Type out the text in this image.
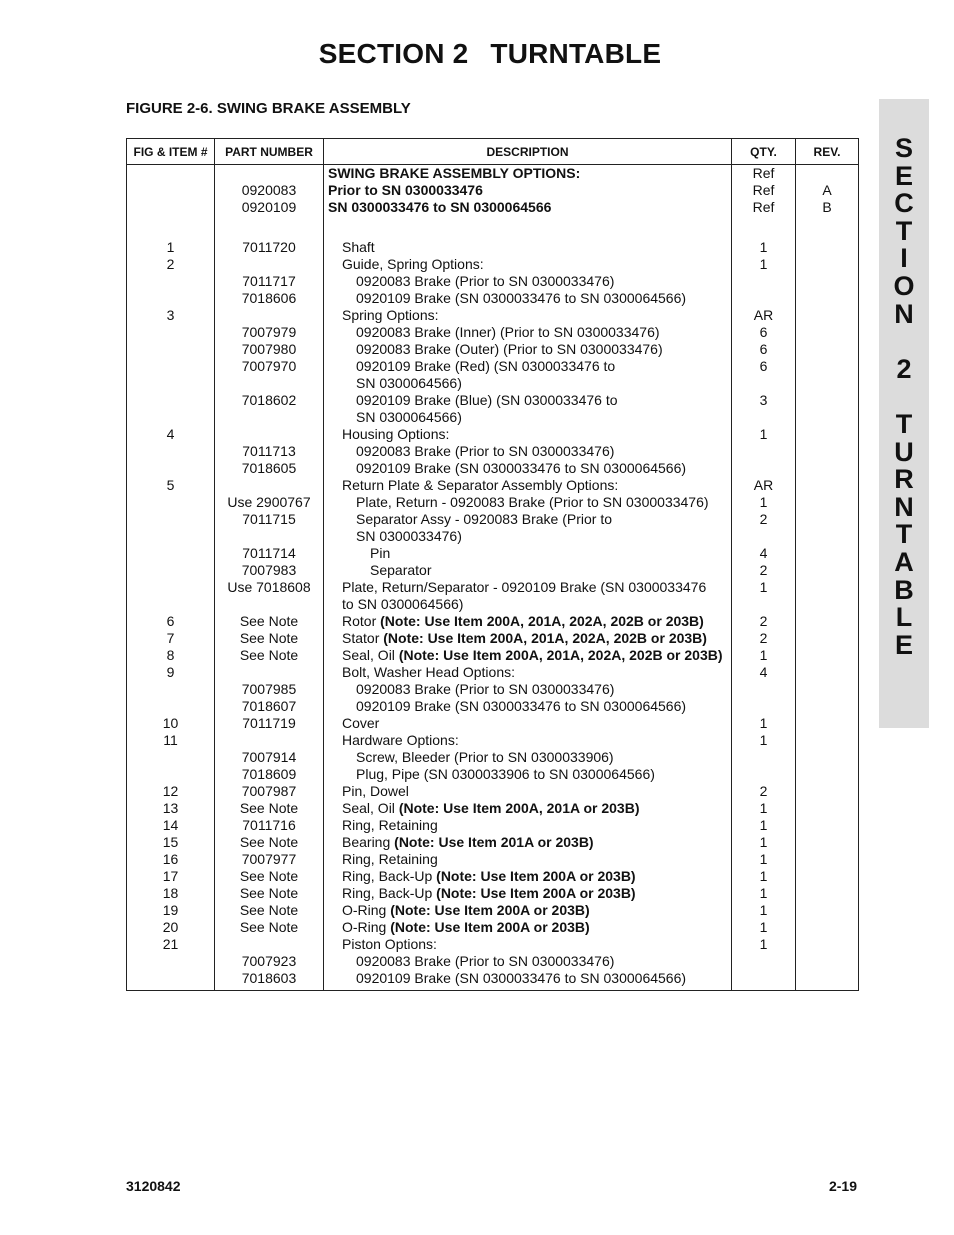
SECTION 2 TURNTABLE
FIGURE 2-6. SWING BRAKE ASSEMBLY
S
E
C
T
I
O
N
2
T
U
R
N
T
A
B
L
E
FIG & ITEM #	PART NUMBER	DESCRIPTION	QTY.	REV.
		SWING BRAKE ASSEMBLY OPTIONS:	Ref	
	0920083	Prior to SN 0300033476	Ref	A
	0920109	SN 0300033476 to SN 0300064566	Ref	B
1	7011720	Shaft	1	
2		Guide, Spring Options:	1	
	7011717	0920083 Brake (Prior to SN 0300033476)		
	7018606	0920109 Brake (SN 0300033476 to SN 0300064566)		
3		Spring Options:	AR	
	7007979	0920083 Brake (Inner) (Prior to SN 0300033476)	6	
	7007980	0920083 Brake (Outer) (Prior to SN 0300033476)	6	
	7007970	0920109 Brake (Red) (SN 0300033476 to
SN 0300064566)	6	
	7018602	0920109 Brake (Blue) (SN 0300033476 to
SN 0300064566)	3	
4		Housing Options:	1	
	7011713	0920083 Brake (Prior to SN 0300033476)		
	7018605	0920109 Brake (SN 0300033476 to SN 0300064566)		
5		Return Plate & Separator Assembly Options:	AR	
	Use 2900767	Plate, Return - 0920083 Brake (Prior to SN 0300033476)	1	
	7011715	Separator Assy - 0920083 Brake (Prior to
SN 0300033476)	2	
	7011714	Pin	4	
	7007983	Separator	2	
	Use 7018608	Plate, Return/Separator - 0920109 Brake (SN 0300033476
to SN 0300064566)	1	
6	See Note	Rotor (Note: Use Item 200A, 201A, 202A, 202B or 203B)	2	
7	See Note	Stator (Note: Use Item 200A, 201A, 202A, 202B or 203B)	2	
8	See Note	Seal, Oil (Note: Use Item 200A, 201A, 202A, 202B or 203B)	1	
9		Bolt, Washer Head Options:	4	
	7007985	0920083 Brake (Prior to SN 0300033476)		
	7018607	0920109 Brake (SN 0300033476 to SN 0300064566)		
10	7011719	Cover	1	
11		Hardware Options:	1	
	7007914	Screw, Bleeder (Prior to SN 0300033906)		
	7018609	Plug, Pipe (SN 0300033906 to SN 0300064566)		
12	7007987	Pin, Dowel	2	
13	See Note	Seal, Oil (Note: Use Item 200A, 201A or 203B)	1	
14	7011716	Ring, Retaining	1	
15	See Note	Bearing (Note: Use Item 201A or 203B)	1	
16	7007977	Ring, Retaining	1	
17	See Note	Ring, Back-Up (Note: Use Item 200A or 203B)	1	
18	See Note	Ring, Back-Up (Note: Use Item 200A or 203B)	1	
19	See Note	O-Ring (Note: Use Item 200A or 203B)	1	
20	See Note	O-Ring (Note: Use Item 200A or 203B)	1	
21		Piston Options:	1	
	7007923	0920083 Brake (Prior to SN 0300033476)		
	7018603	0920109 Brake (SN 0300033476 to SN 0300064566)		
3120842	2-19
